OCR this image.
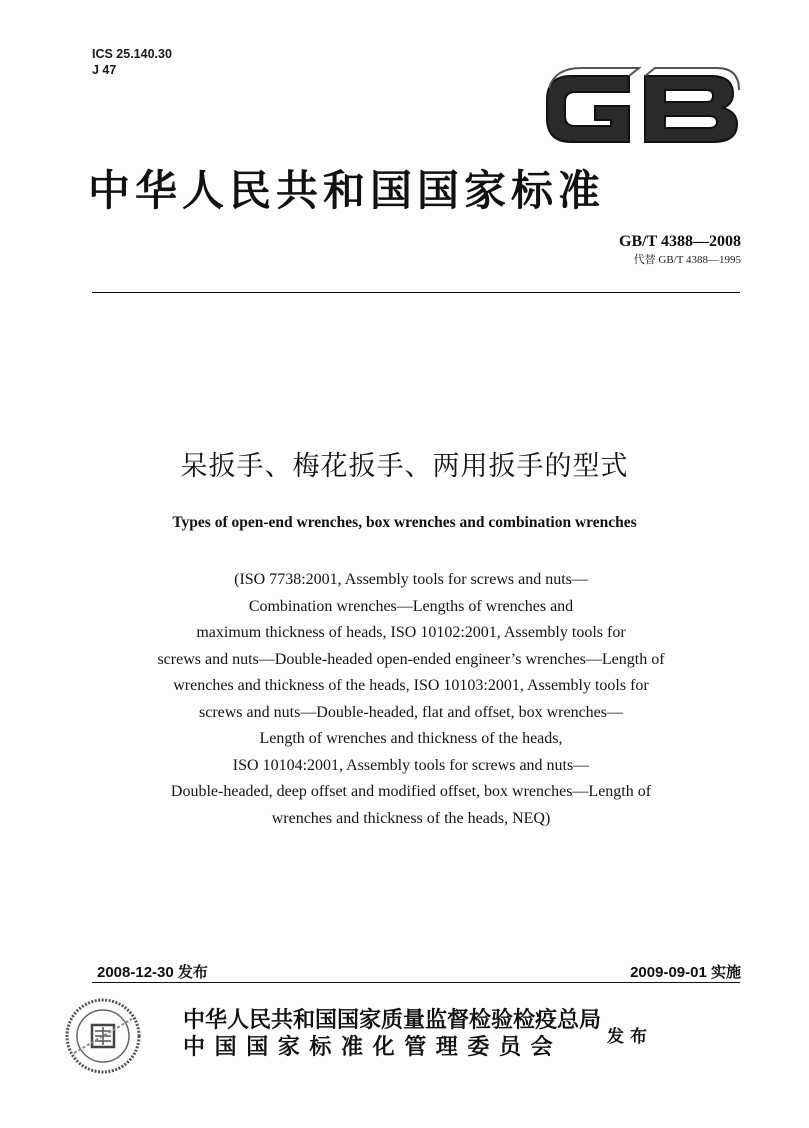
ICS 25.140.30
J 47
中华人民共和国国家标准
GB/T 4388—2008
代替 GB/T 4388—1995
呆扳手、梅花扳手、两用扳手的型式
Types of open-end wrenches, box wrenches and combination wrenches
(ISO 7738:2001, Assembly tools for screws and nuts—
Combination wrenches—Lengths of wrenches and
maximum thickness of heads, ISO 10102:2001, Assembly tools for
screws and nuts—Double-headed open-ended engineer’s wrenches—Length of
wrenches and thickness of the heads, ISO 10103:2001, Assembly tools for
screws and nuts—Double-headed, flat and offset, box wrenches—
Length of wrenches and thickness of the heads,
ISO 10104:2001, Assembly tools for screws and nuts—
Double-headed, deep offset and modified offset, box wrenches—Length of
wrenches and thickness of the heads, NEQ)
2008-12-30 发布	2009-09-01 实施
中华人民共和国国家质量监督检验检疫总局
中国国家标准化管理委员会	发布
